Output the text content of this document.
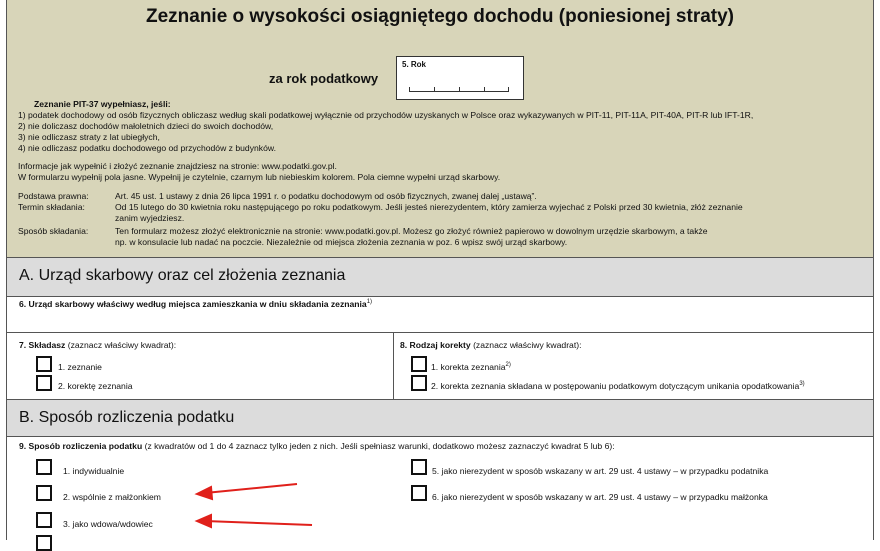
Zeznanie o wysokości osiągniętego dochodu (poniesionej straty)
za rok podatkowy
5. Rok
Zeznanie PIT-37 wypełniasz, jeśli:
1) podatek dochodowy od osób fizycznych obliczasz według skali podatkowej wyłącznie od przychodów uzyskanych w Polsce oraz wykazywanych w PIT-11, PIT-11A, PIT-40A, PIT-R lub IFT-1R,
2) nie doliczasz dochodów małoletnich dzieci do swoich dochodów,
3) nie odliczasz straty z lat ubiegłych,
4) nie odliczasz podatku dochodowego od przychodów z budynków.
Informacje jak wypełnić i złożyć zeznanie znajdziesz na stronie: www.podatki.gov.pl.
W formularzu wypełnij pola jasne. Wypełnij je czytelnie, czarnym lub niebieskim kolorem. Pola ciemne wypełni urząd skarbowy.
Podstawa prawna:	Art. 45 ust. 1 ustawy z dnia 26 lipca 1991 r. o podatku dochodowym od osób fizycznych, zwanej dalej „ustawą”.
Termin składania:	Od 15 lutego do 30 kwietnia roku następującego po roku podatkowym. Jeśli jesteś nierezydentem, który zamierza wyjechać z Polski przed 30 kwietnia, złóż zeznanie
zanim wyjedziesz.
Sposób składania:	Ten formularz możesz złożyć elektronicznie na stronie: www.podatki.gov.pl. Możesz go złożyć również papierowo w dowolnym urzędzie skarbowym, a także
np. w konsulacie lub nadać na poczcie. Niezależnie od miejsca złożenia zeznania w poz. 6 wpisz swój urząd skarbowy.
A. Urząd skarbowy oraz cel złożenia zeznania
6. Urząd skarbowy właściwy według miejsca zamieszkania w dniu składania zeznania$^{1)}$
7. Składasz (zaznacz właściwy kwadrat):
1. zeznanie
2. korektę zeznania
8. Rodzaj korekty (zaznacz właściwy kwadrat):
1. korekta zeznania$^{2)}$
2. korekta zeznania składana w postępowaniu podatkowym dotyczącym unikania opodatkowania$^{3)}$
B. Sposób rozliczenia podatku
9. Sposób rozliczenia podatku (z kwadratów od 1 do 4 zaznacz tylko jeden z nich. Jeśli spełniasz warunki, dodatkowo możesz zaznaczyć kwadrat 5 lub 6):
1. indywidualnie
2. wspólnie z małżonkiem
3. jako wdowa/wdowiec
5. jako nierezydent w sposób wskazany w art. 29 ust. 4 ustawy – w przypadku podatnika
6. jako nierezydent w sposób wskazany w art. 29 ust. 4 ustawy – w przypadku małżonka
